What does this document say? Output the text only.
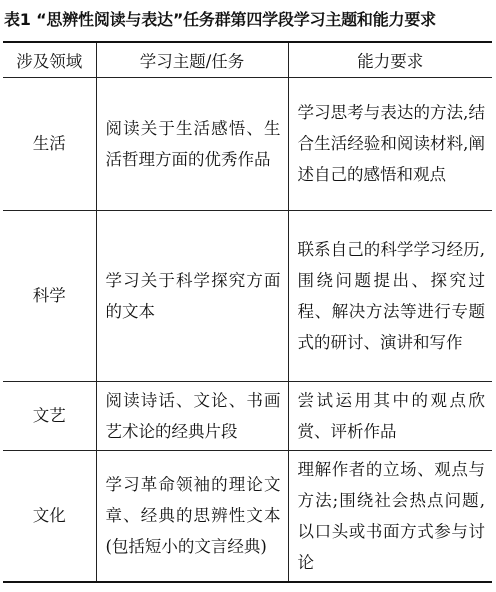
表1 “思辨性阅读与表达”任务群第四学段学习主题和能力要求
涉及领域	学习主题/任务	能力要求
生活	阅读关于生活感悟、生活哲理方面的优秀作品	学习思考与表达的方法,结合生活经验和阅读材料,阐述自己的感悟和观点
科学	学习关于科学探究方面的文本	联系自己的科学学习经历,围绕问题提出、探究过程、解决方法等进行专题式的研讨、演讲和写作
文艺	阅读诗话、文论、书画艺术论的经典片段	尝试运用其中的观点欣赏、评析作品
文化	学习革命领袖的理论文章、经典的思辨性文本(包括短小的文言经典)	理解作者的立场、观点与方法;围绕社会热点问题,以口头或书面方式参与讨论
